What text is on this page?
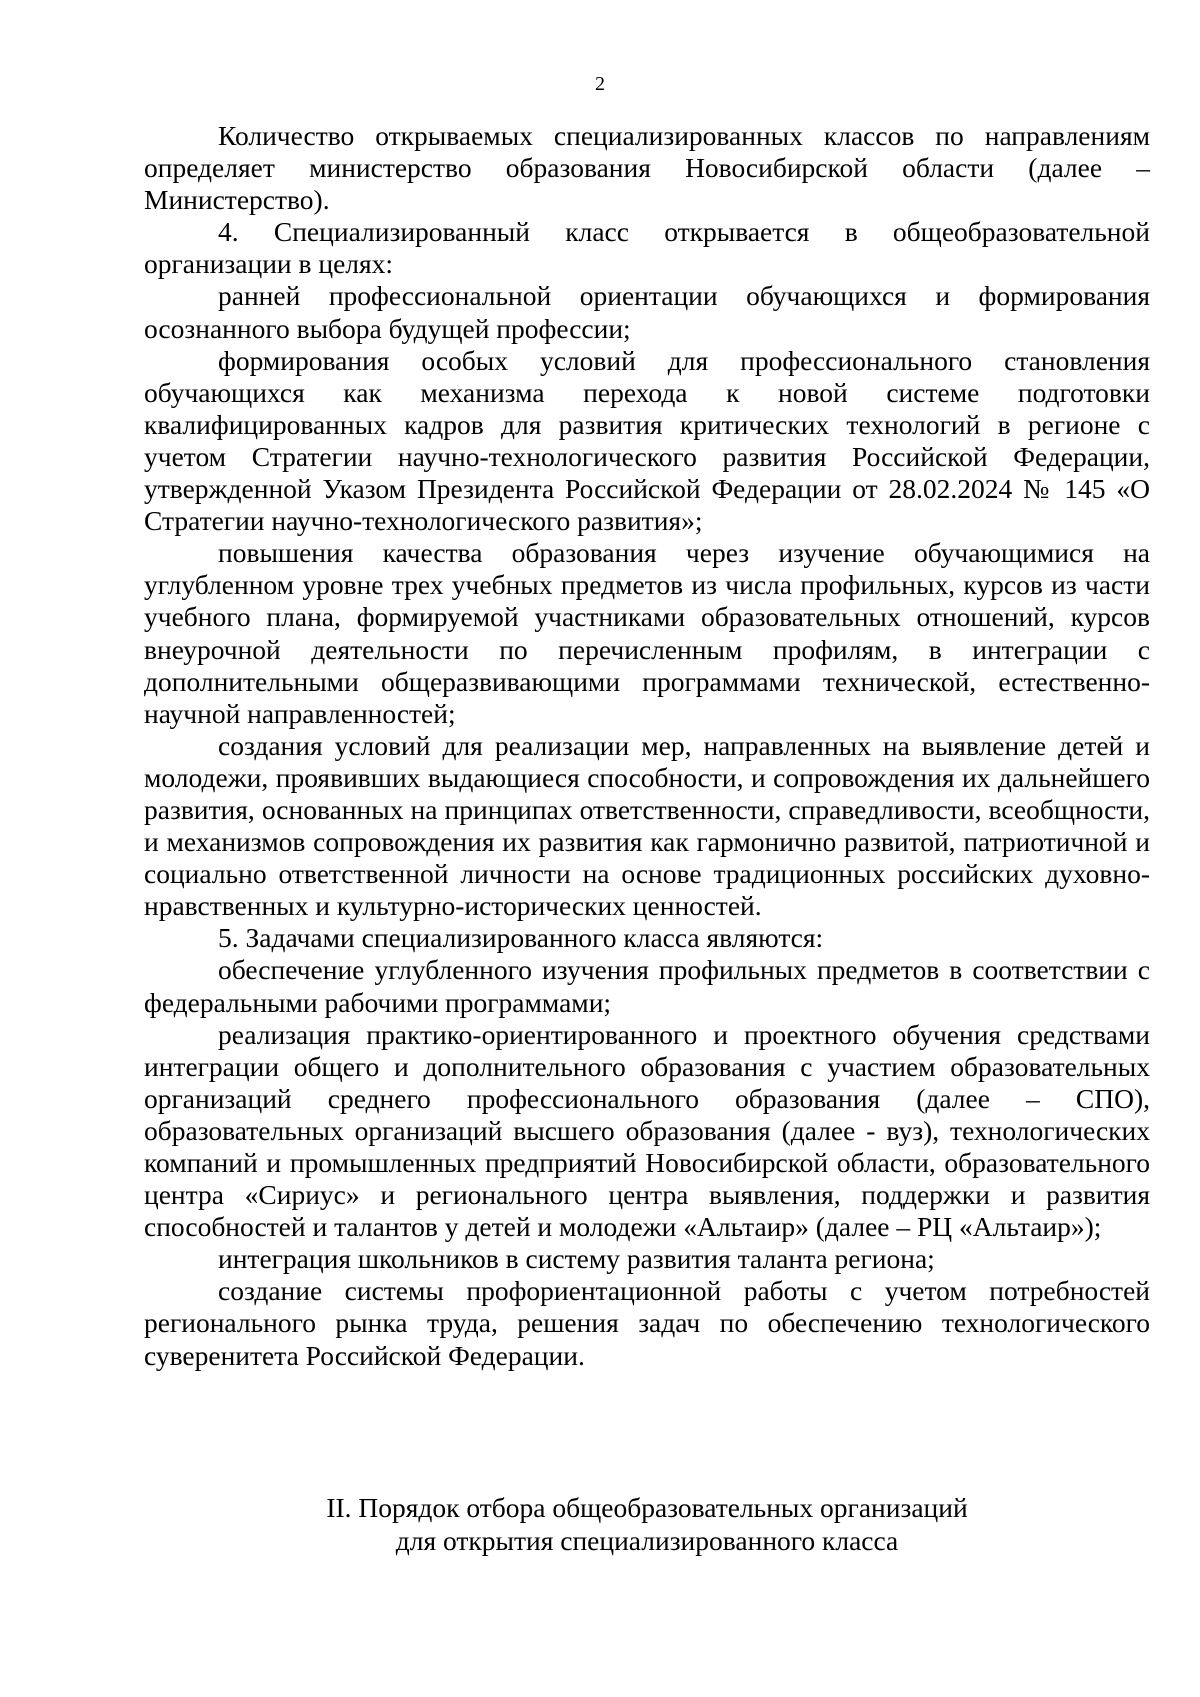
2

Количество открываемых специализированных классов по направлениям определяет министерство образования Новосибирской области (далее – Министерство).

4. Специализированный класс открывается в общеобразовательной организации в целях:

ранней профессиональной ориентации обучающихся и формирования осознанного выбора будущей профессии;

формирования особых условий для профессионального становления обучающихся как механизма перехода к новой системе подготовки квалифицированных кадров для развития критических технологий в регионе с учетом Стратегии научно-технологического развития Российской Федерации, утвержденной Указом Президента Российской Федерации от 28.02.2024 № 145 «О Стратегии научно-технологического развития»;

повышения качества образования через изучение обучающимися на углубленном уровне трех учебных предметов из числа профильных, курсов из части учебного плана, формируемой участниками образовательных отношений, курсов внеурочной деятельности по перечисленным профилям, в интеграции с дополнительными общеразвивающими программами технической, естественно-научной направленностей;

создания условий для реализации мер, направленных на выявление детей и молодежи, проявивших выдающиеся способности, и сопровождения их дальнейшего развития, основанных на принципах ответственности, справедливости, всеобщности, и механизмов сопровождения их развития как гармонично развитой, патриотичной и социально ответственной личности на основе традиционных российских духовно-нравственных и культурно-исторических ценностей.

5. Задачами специализированного класса являются:

обеспечение углубленного изучения профильных предметов в соответствии с федеральными рабочими программами;

реализация практико-ориентированного и проектного обучения средствами интеграции общего и дополнительного образования с участием образовательных организаций среднего профессионального образования (далее – СПО), образовательных организаций высшего образования (далее - вуз), технологических компаний и промышленных предприятий Новосибирской области, образовательного центра «Сириус» и регионального центра выявления, поддержки и развития способностей и талантов у детей и молодежи «Альтаир» (далее – РЦ «Альтаир»);

интеграция школьников в систему развития таланта региона;

создание системы профориентационной работы с учетом потребностей регионального рынка труда, решения задач по обеспечению технологического суверенитета Российской Федерации.

II. Порядок отбора общеобразовательных организаций
для открытия специализированного класса
